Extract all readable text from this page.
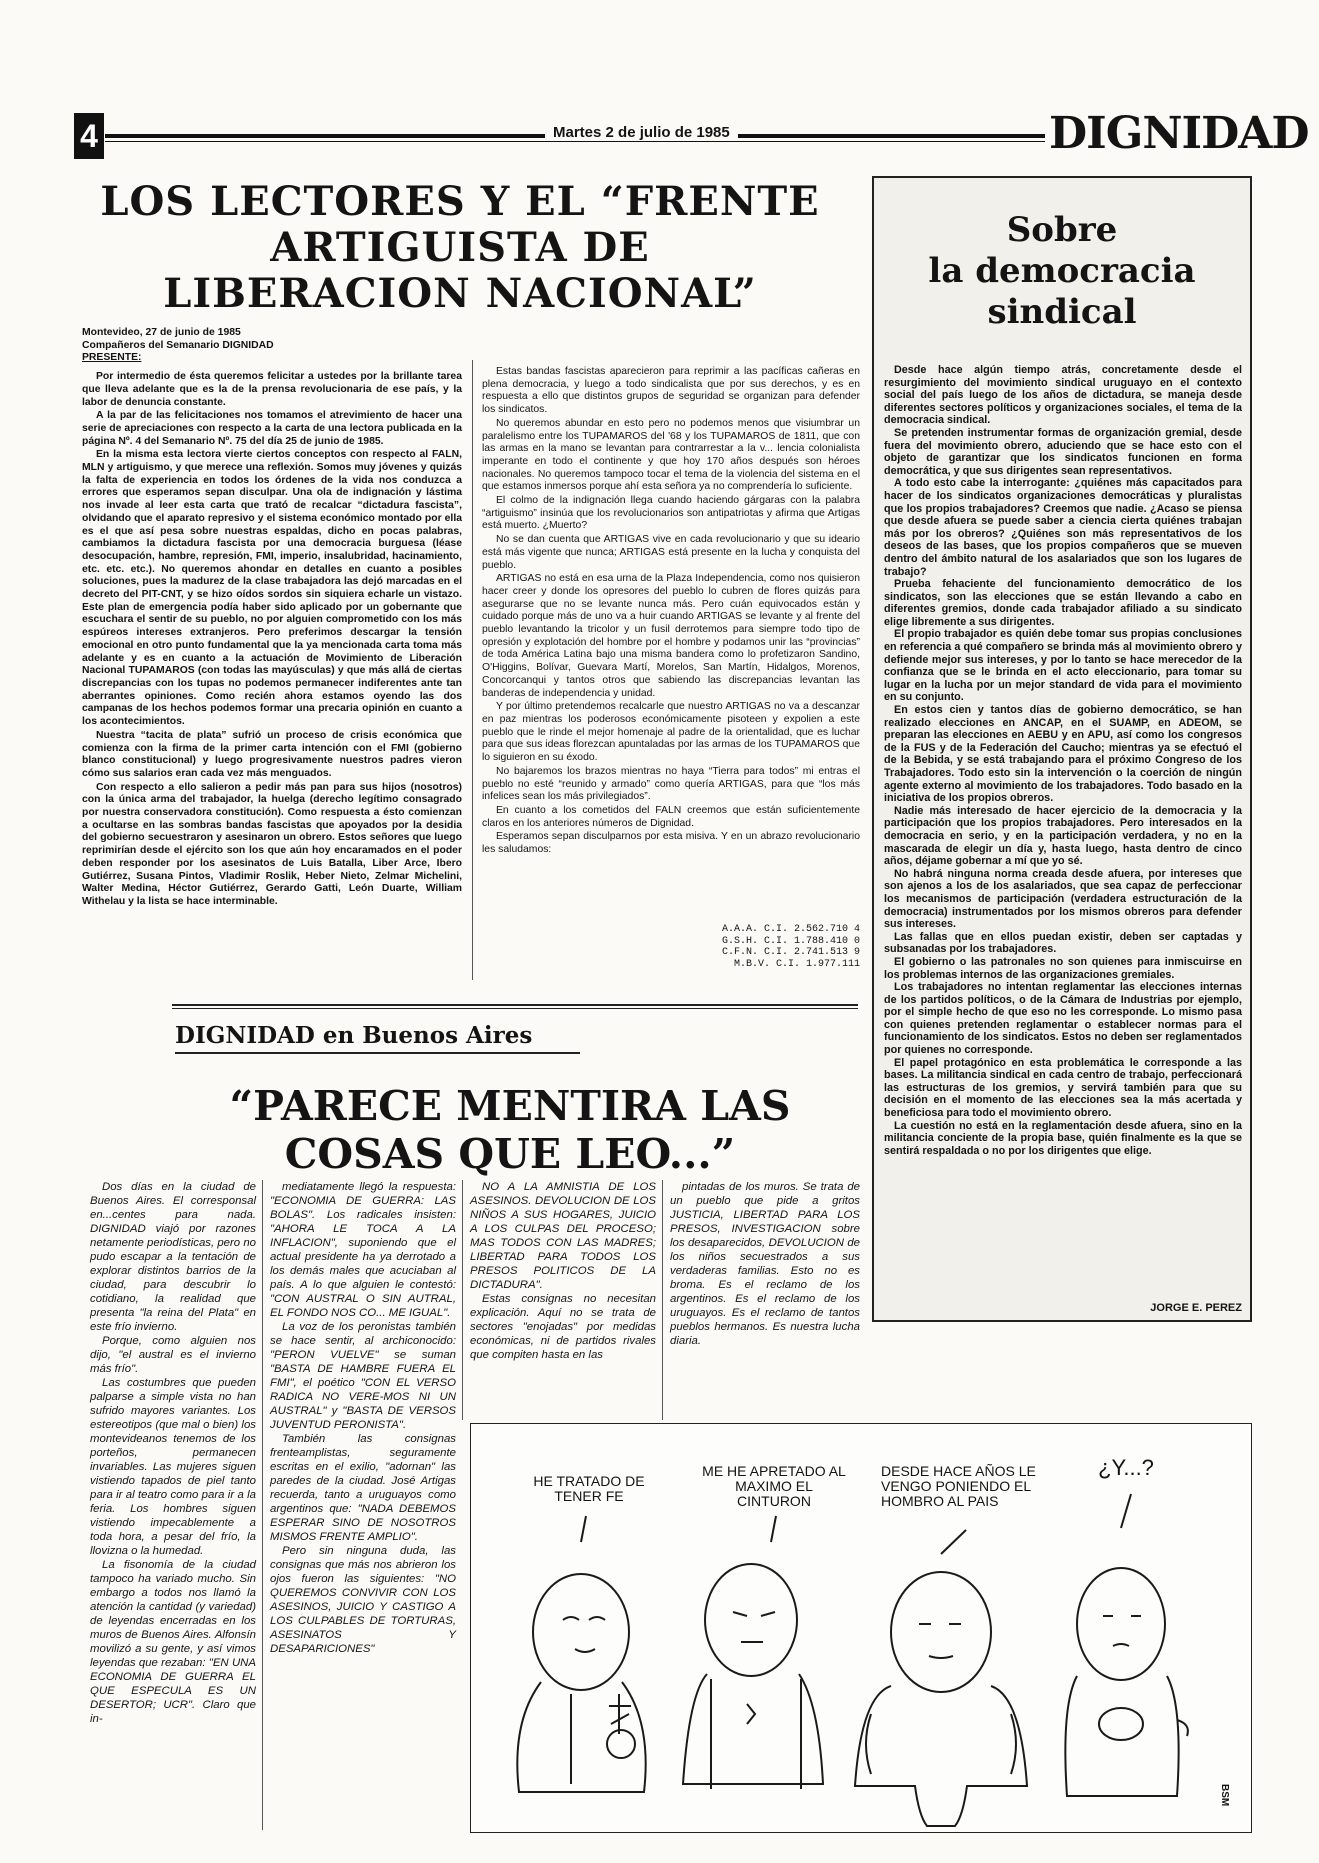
4	Martes 2 de julio de 1985	DIGNIDAD
LOS LECTORES Y EL “FRENTE
ARTIGUISTA DE
LIBERACION NACIONAL”
Montevideo, 27 de junio de 1985
Compañeros del Semanario DIGNIDAD
PRESENTE:

Por intermedio de ésta queremos felicitar a ustedes por la brillante tarea que lleva adelante que es la de la prensa revolucionaria de ese país, y la labor de denuncia constante.

A la par de las felicitaciones nos tomamos el atrevimiento de hacer una serie de apreciaciones con respecto a la carta de una lectora publicada en la página Nº. 4 del Semanario Nº. 75 del día 25 de junio de 1985.

En la misma esta lectora vierte ciertos conceptos con respecto al FALN, MLN y artiguismo, y que merece una reflexión. Somos muy jóvenes y quizás la falta de experiencia en todos los órdenes de la vida nos conduzca a errores que esperamos sepan disculpar. Una ola de indignación y lástima nos invade al leer esta carta que trató de recalcar “dictadura fascista”, olvidando que el aparato represivo y el sistema económico montado por ella es el que así pesa sobre nuestras espaldas, dicho en pocas palabras, cambiamos la dictadura fascista por una democracia burguesa (léase desocupación, hambre, represión, FMI, imperio, insalubridad, hacinamiento, etc. etc. etc.). No queremos ahondar en detalles en cuanto a posibles soluciones, pues la madurez de la clase trabajadora las dejó marcadas en el decreto del PIT-CNT, y se hizo oídos sordos sin siquiera echarle un vistazo. Este plan de emergencia podía haber sido aplicado por un gobernante que escuchara el sentir de su pueblo, no por alguien comprometido con los más espúreos intereses extranjeros. Pero preferimos descargar la tensión emocional en otro punto fundamental que la ya mencionada carta toma más adelante y es en cuanto a la actuación de Movimiento de Liberación Nacional TUPAMAROS (con todas las mayúsculas) y que más allá de ciertas discrepancias con los tupas no podemos permanecer indiferentes ante tan aberrantes opiniones. Como recién ahora estamos oyendo las dos campanas de los hechos podemos formar una precaria opinión en cuanto a los acontecimientos.

Nuestra “tacita de plata” sufrió un proceso de crisis económica que comienza con la firma de la primer carta intención con el FMI (gobierno blanco constitucional) y luego progresivamente nuestros padres vieron cómo sus salarios eran cada vez más menguados.

Con respecto a ello salieron a pedir más pan para sus hijos (nosotros) con la única arma del trabajador, la huelga (derecho legítimo consagrado por nuestra conservadora constitución). Como respuesta a ésto comienzan a ocultarse en las sombras bandas fascistas que apoyados por la desidia del gobierno secuestraron y asesinaron un obrero. Estos señores que luego reprimirían desde el ejército son los que aún hoy encaramados en el poder deben responder por los asesinatos de Luis Batalla, Liber Arce, Ibero Gutiérrez, Susana Pintos, Vladimir Roslik, Heber Nieto, Zelmar Michelini, Walter Medina, Héctor Gutiérrez, Gerardo Gatti, León Duarte, William Withelau y la lista se hace interminable.

Estas bandas fascistas aparecieron para reprimir a las pacíficas cañeras en plena democracia, y luego a todo sindicalista que por sus derechos, y es en respuesta a ello que distintos grupos de seguridad se organizan para defender los sindicatos.

No queremos abundar en esto pero no podemos menos que visiumbrar un paralelismo entre los TUPAMAROS del '68 y los TUPAMAROS de 1811, que con las armas en la mano se levantan para contrarrestar a la v... lencia colonialista imperante en todo el continente y que hoy 170 años después son héroes nacionales. No queremos tampoco tocar el tema de la violencia del sistema en el que estamos inmersos porque ahí esta señora ya no comprendería lo suficiente.

El colmo de la indignación llega cuando haciendo gárgaras con la palabra “artiguismo” insinúa que los revolucionarios son antipatriotas y afirma que Artigas está muerto. ¿Muerto?

No se dan cuenta que ARTIGAS vive en cada revolucionario y que su ideario está más vigente que nunca; ARTIGAS está presente en la lucha y conquista del pueblo.

ARTIGAS no está en esa urna de la Plaza Independencia, como nos quisieron hacer creer y donde los opresores del pueblo lo cubren de flores quizás para asegurarse que no se levante nunca más. Pero cuán equivocados están y cuidado porque más de uno va a huir cuando ARTIGAS se levante y al frente del pueblo levantando la tricolor y un fusil derrotemos para siempre todo tipo de opresión y explotación del hombre por el hombre y podamos unir las “provincias” de toda América Latina bajo una misma bandera como lo profetizaron Sandino, O'Higgins, Bolívar, Guevara Martí, Morelos, San Martín, Hidalgos, Morenos, Concorcanqui y tantos otros que sabiendo las discrepancias levantan las banderas de independencia y unidad.

Y por último pretendemos recalcarle que nuestro ARTIGAS no va a descanzar en paz mientras los poderosos económicamente pisoteen y expolien a este pueblo que le rinde el mejor homenaje al padre de la orientalidad, que es luchar para que sus ideas florezcan apuntaladas por las armas de los TUPAMAROS que lo siguieron en su éxodo.

No bajaremos los brazos mientras no haya “Tierra para todos” mi entras el pueblo no esté “reunido y armado” como quería ARTIGAS, para que “los más infelices sean los más privilegiados”.

En cuanto a los cometidos del FALN creemos que están suficientemente claros en los anteriores números de Dignidad.

Esperamos sepan disculparnos por esta misiva. Y en un abrazo revolucionario les saludamos:

A.A.A. C.I. 2.562.710 4
G.S.H. C.I. 1.788.410 0
C.F.N. C.I. 2.741.513 9
M.B.V. C.I. 1.977.111
Sobre
la democracia
sindical

Desde hace algún tiempo atrás, concretamente desde el resurgimiento del movimiento sindical uruguayo en el contexto social del país luego de los años de dictadura, se maneja desde diferentes sectores políticos y organizaciones sociales, el tema de la democracia sindical.

Se pretenden instrumentar formas de organización gremial, desde fuera del movimiento obrero, aduciendo que se hace esto con el objeto de garantizar que los sindicatos funcionen en forma democrática, y que sus dirigentes sean representativos.

A todo esto cabe la interrogante: ¿quiénes más capacitados para hacer de los sindicatos organizaciones democráticas y pluralistas que los propios trabajadores? Creemos que nadie. ¿Acaso se piensa que desde afuera se puede saber a ciencia cierta quiénes trabajan más por los obreros? ¿Quiénes son más representativos de los deseos de las bases, que los propios compañeros que se mueven dentro del ámbito natural de los asalariados que son los lugares de trabajo?

Prueba fehaciente del funcionamiento democrático de los sindicatos, son las elecciones que se están llevando a cabo en diferentes gremios, donde cada trabajador afiliado a su sindicato elige libremente a sus dirigentes.

El propio trabajador es quién debe tomar sus propias conclusiones en referencia a qué compañero se brinda más al movimiento obrero y defiende mejor sus intereses, y por lo tanto se hace merecedor de la confianza que se le brinda en el acto eleccionario, para tomar su lugar en la lucha por un mejor standard de vida para el movimiento en su conjunto.

En estos cien y tantos días de gobierno democrático, se han realizado elecciones en ANCAP, en el SUAMP, en ADEOM, se preparan las elecciones en AEBU y en APU, así como los congresos de la FUS y de la Federación del Caucho; mientras ya se efectuó el de la Bebida, y se está trabajando para el próximo Congreso de los Trabajadores. Todo esto sin la intervención o la coerción de ningún agente externo al movimiento de los trabajadores. Todo basado en la iniciativa de los propios obreros.

Nadie más interesado de hacer ejercicio de la democracia y la participación que los propios trabajadores. Pero interesados en la democracia en serio, y en la participación verdadera, y no en la mascarada de elegir un día y, hasta luego, hasta dentro de cinco años, déjame gobernar a mí que yo sé.

No habrá ninguna norma creada desde afuera, por intereses que son ajenos a los de los asalariados, que sea capaz de perfeccionar los mecanismos de participación (verdadera estructuración de la democracia) instrumentados por los mismos obreros para defender sus intereses.

Las fallas que en ellos puedan existir, deben ser captadas y subsanadas por los trabajadores.

El gobierno o las patronales no son quienes para inmiscuirse en los problemas internos de las organizaciones gremiales.

Los trabajadores no intentan reglamentar las elecciones internas de los partidos políticos, o de la Cámara de Industrias por ejemplo, por el simple hecho de que eso no les corresponde. Lo mismo pasa con quienes pretenden reglamentar o establecer normas para el funcionamiento de los sindicatos. Estos no deben ser reglamentados por quienes no corresponde.

El papel protagónico en esta problemática le corresponde a las bases. La militancia sindical en cada centro de trabajo, perfeccionará las estructuras de los gremios, y servirá también para que su decisión en el momento de las elecciones sea la más acertada y beneficiosa para todo el movimiento obrero.

La cuestión no está en la reglamentación desde afuera, sino en la militancia conciente de la propia base, quién finalmente es la que se sentirá respaldada o no por los dirigentes que elige.

JORGE E. PEREZ
DIGNIDAD en Buenos Aires
“PARECE MENTIRA LAS
COSAS QUE LEO...”

Dos días en la ciudad de Buenos Aires. El corresponsal en...centes para nada. DIGNIDAD viajó por razones netamente periodísticas, pero no pudo escapar a la tentación de explorar distintos barrios de la ciudad, para descubrir lo cotidiano, la realidad que presenta "la reina del Plata" en este frío invierno.

Porque, como alguien nos dijo, "el austral es el invierno más frío".

Las costumbres que pueden palparse a simple vista no han sufrido mayores variantes. Los estereotipos (que mal o bien) los montevideanos tenemos de los porteños, permanecen invariables. Las mujeres siguen vistiendo tapados de piel tanto para ir al teatro como para ir a la feria. Los hombres siguen vistiendo impecablemente a toda hora, a pesar del frío, la llovizna o la humedad.

La fisonomía de la ciudad tampoco ha variado mucho. Sin embargo a todos nos llamó la atención la cantidad (y variedad) de leyendas encerradas en los muros de Buenos Aires. Alfonsín movilizó a su gente, y así vimos leyendas que rezaban: "EN UNA ECONOMIA DE GUERRA EL QUE ESPECULA ES UN DESERTOR; UCR". Claro que in-

mediatamente llegó la respuesta: "ECONOMIA DE GUERRA: LAS BOLAS". Los radicales insisten: "AHORA LE TOCA A LA INFLACION", suponiendo que el actual presidente ha ya derrotado a los demás males que acuciaban al país. A lo que alguien le contestó: "CON AUSTRAL O SIN AUTRAL, EL FONDO NOS CO... ME IGUAL".

La voz de los peronistas también se hace sentir, al archiconocido: "PERON VUELVE" se suman "BASTA DE HAMBRE FUERA EL FMI", el poético "CON EL VERSO RADICA NO VERE-MOS NI UN AUSTRAL" y "BASTA DE VERSOS JUVENTUD PERONISTA".

También las consignas frenteamplistas, seguramente escritas en el exilio, "adornan" las paredes de la ciudad. José Artigas recuerda, tanto a uruguayos como argentinos que: "NADA DEBEMOS ESPERAR SINO DE NOSOTROS MISMOS FRENTE AMPLIO".

Pero sin ninguna duda, las consignas que más nos abrieron los ojos fueron las siguientes: "NO QUEREMOS CONVIVIR CON LOS ASESINOS, JUICIO Y CASTIGO A LOS CULPABLES DE TORTURAS, ASESINATOS Y DESAPARICIONES"

NO A LA AMNISTIA DE LOS ASESINOS. DEVOLUCION DE LOS NIÑOS A SUS HOGARES, JUICIO A LOS CULPAS DEL PROCESO; MAS TODOS CON LAS MADRES; LIBERTAD PARA TODOS LOS PRESOS POLITICOS DE LA DICTADURA".

Estas consignas no necesitan explicación. Aquí no se trata de sectores "enojadas" por medidas económicas, ni de partidos rivales que compiten hasta en las

pintadas de los muros. Se trata de un pueblo que pide a gritos JUSTICIA, LIBERTAD PARA LOS PRESOS, INVESTIGACION sobre los desaparecidos, DEVOLUCION de los niños secuestrados a sus verdaderas familias. Esto no es broma. Es el reclamo de los argentinos. Es el reclamo de los uruguayos. Es el reclamo de tantos pueblos hermanos. Es nuestra lucha diaria.

HE TRATADO DE TENER FE
ME HE APRETADO AL MAXIMO EL CINTURON
DESDE HACE AÑOS LE VENGO PONIENDO EL HOMBRO AL PAIS
¿Y...?
BSM
